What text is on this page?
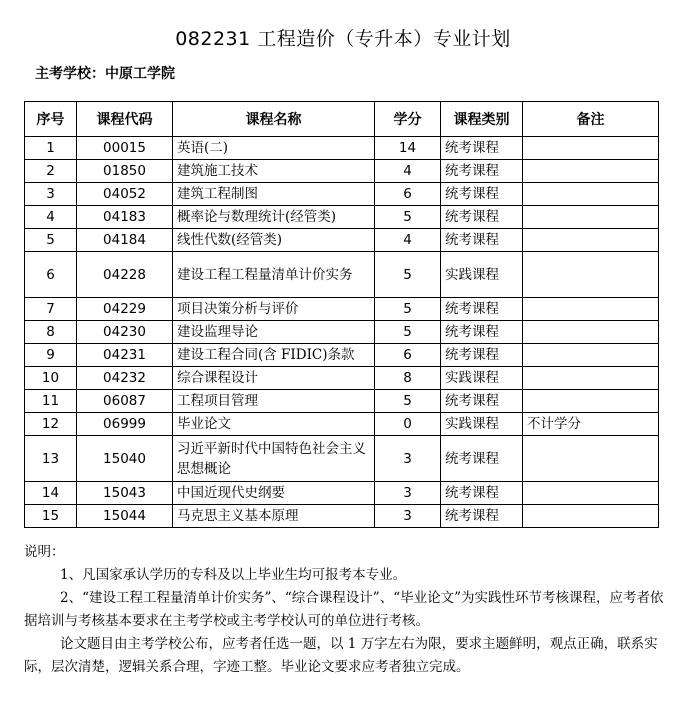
082231 工程造价（专升本）专业计划
主考学校：中原工学院
序号	课程代码	课程名称	学分	课程类别	备注
1	00015	英语(二)	14	统考课程	
2	01850	建筑施工技术	4	统考课程	
3	04052	建筑工程制图	6	统考课程	
4	04183	概率论与数理统计(经管类)	5	统考课程	
5	04184	线性代数(经管类)	4	统考课程	
6	04228	建设工程工程量清单计价实务	5	实践课程	
7	04229	项目决策分析与评价	5	统考课程	
8	04230	建设监理导论	5	统考课程	
9	04231	建设工程合同(含 FIDIC)条款	6	统考课程	
10	04232	综合课程设计	8	实践课程	
11	06087	工程项目管理	5	统考课程	
12	06999	毕业论文	0	实践课程	不计学分
13	15040	习近平新时代中国特色社会主义思想概论	3	统考课程	
14	15043	中国近现代史纲要	3	统考课程	
15	15044	马克思主义基本原理	3	统考课程	

说明：

1、凡国家承认学历的专科及以上毕业生均可报考本专业。

2、“建设工程工程量清单计价实务”、“综合课程设计”、“毕业论文”为实践性环节考核课程，应考者依据培训与考核基本要求在主考学校或主考学校认可的单位进行考核。

论文题目由主考学校公布，应考者任选一题，以 1 万字左右为限，要求主题鲜明，观点正确，联系实际，层次清楚，逻辑关系合理，字迹工整。毕业论文要求应考者独立完成。
